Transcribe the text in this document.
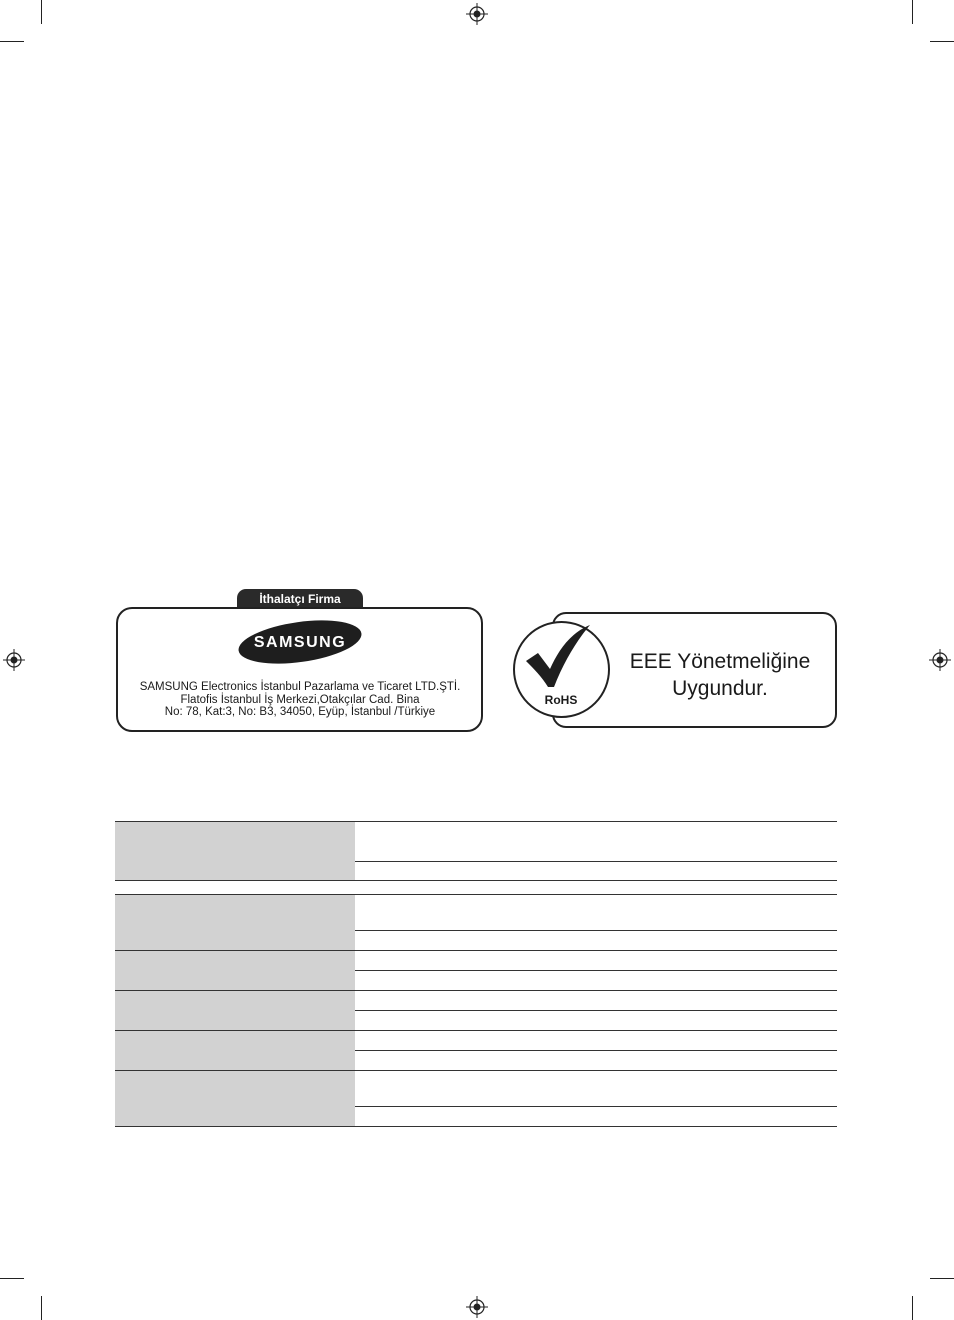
İthalatçı Firma
SAMSUNG
SAMSUNG Electronics İstanbul Pazarlama ve Ticaret LTD.ŞTİ.
Flatofis İstanbul İş Merkezi,Otakçılar Cad. Bina
No: 78, Kat:3, No: B3, 34050, Eyüp, İstanbul /Türkiye
RoHS
EEE Yönetmeliğine
Uygundur.
